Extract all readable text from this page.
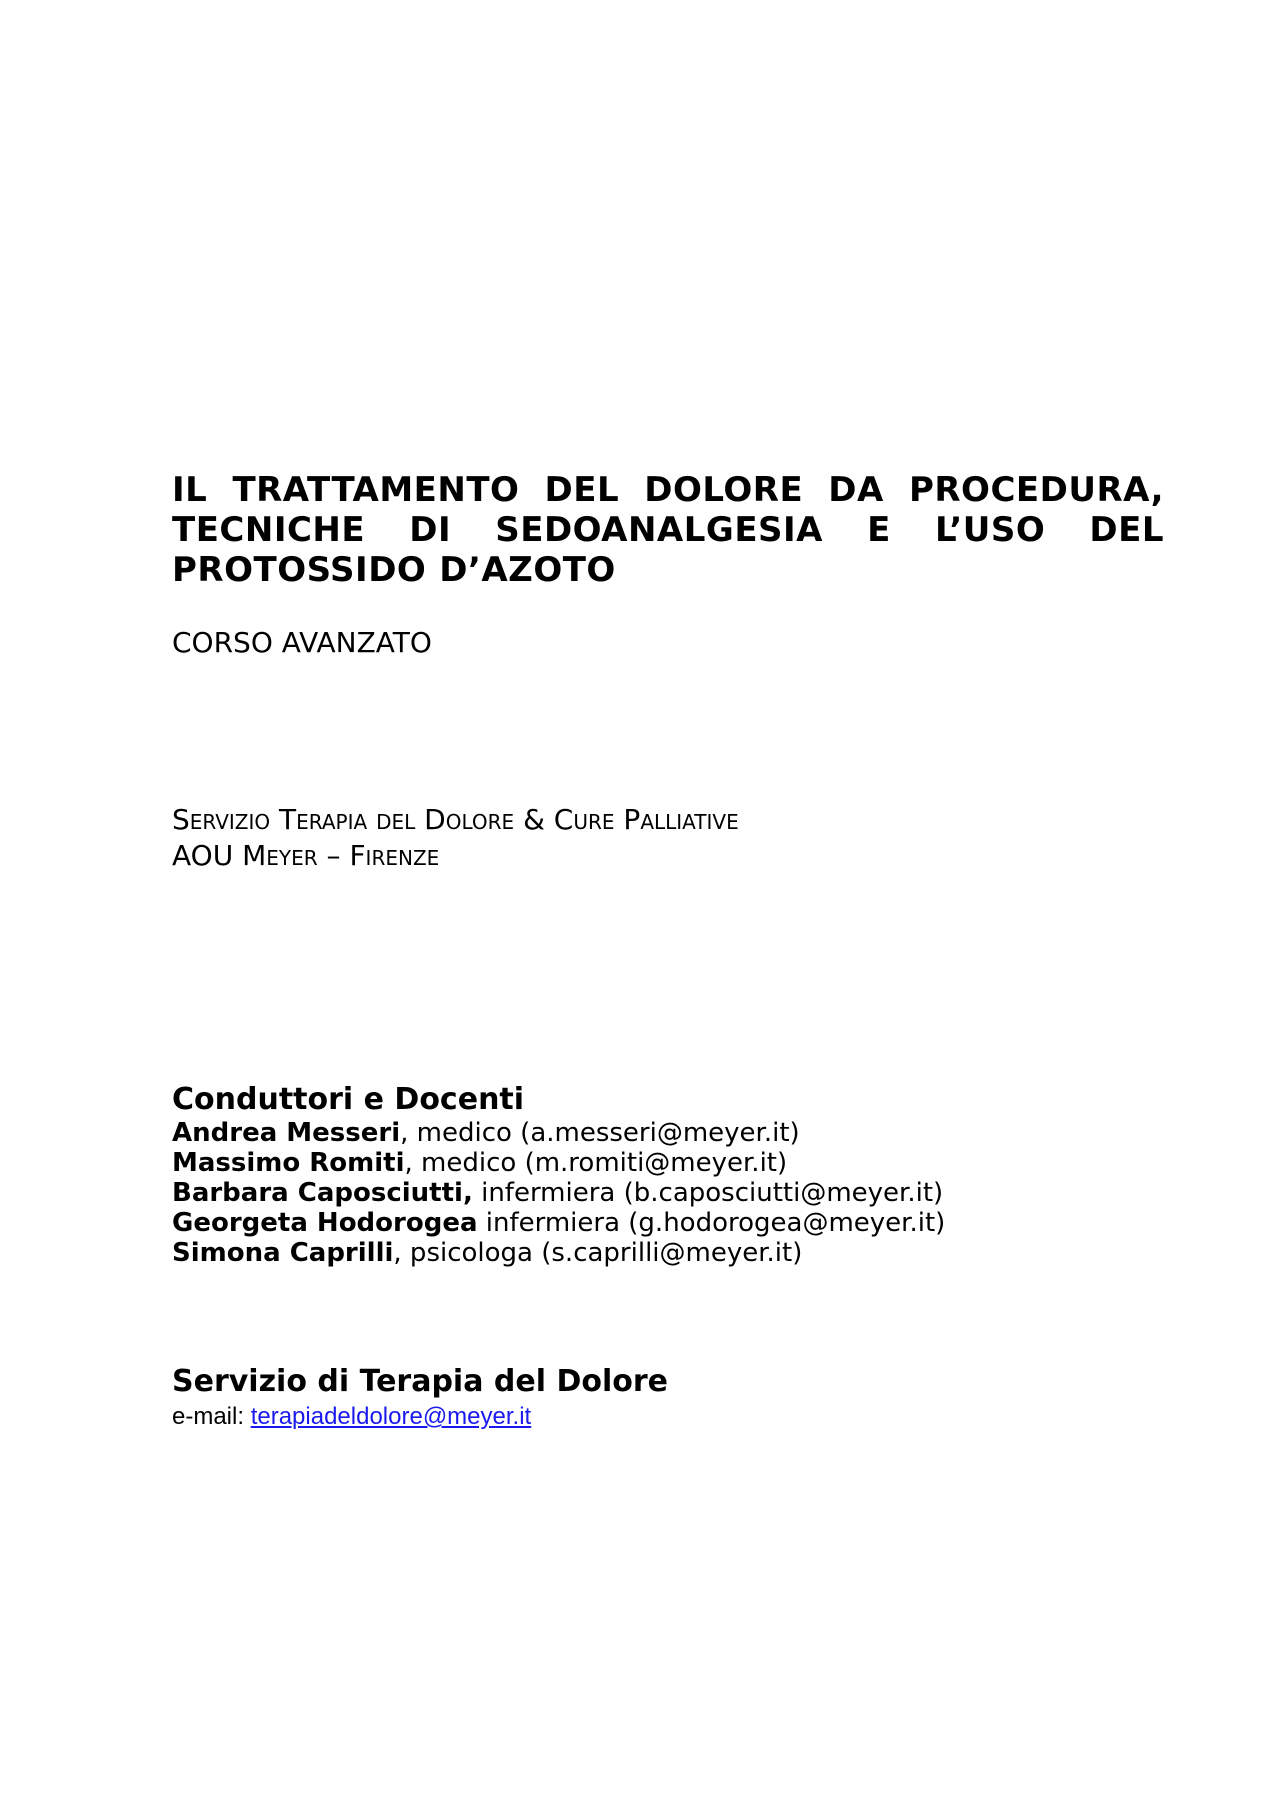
IL TRATTAMENTO DEL DOLORE DA PROCEDURA,
TECNICHE DI SEDOANALGESIA E L’USO DEL
PROTOSSIDO D’AZOTO
CORSO AVANZATO
Servizio Terapia del Dolore & Cure Palliative
AOU Meyer – Firenze
Conduttori e Docenti
Andrea Messeri, medico (a.messeri@meyer.it)
Massimo Romiti, medico (m.romiti@meyer.it)
Barbara Caposciutti, infermiera (b.caposciutti@meyer.it)
Georgeta Hodorogea infermiera (g.hodorogea@meyer.it)
Simona Caprilli, psicologa (s.caprilli@meyer.it)
Servizio di Terapia del Dolore
e-mail: terapiadeldolore@meyer.it
